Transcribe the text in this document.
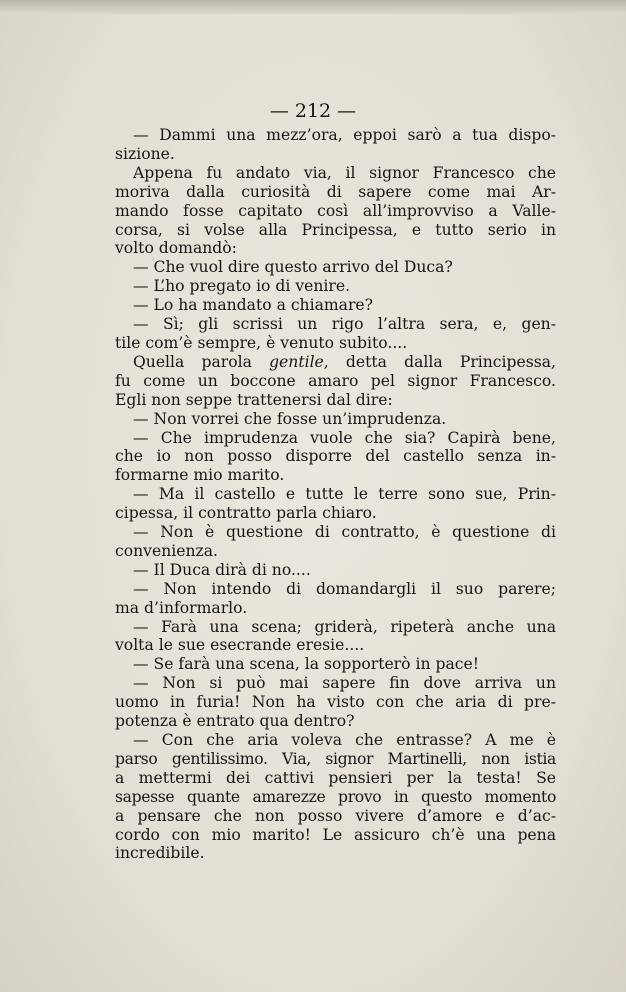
— 212 —
— Dammi una mezz’ora, eppoi sarò a tua dispo-
sizione.
Appena fu andato via, il signor Francesco che
moriva dalla curiosità di sapere come mai Ar-
mando fosse capitato così all’improvviso a Valle-
corsa, si volse alla Principessa, e tutto serio in
volto domandò:
— Che vuol dire questo arrivo del Duca?
— L’ho pregato io di venire.
— Lo ha mandato a chiamare?
— Sì; gli scrissi un rigo l’altra sera, e, gen-
tile com’è sempre, è venuto subito....
Quella parola gentile, detta dalla Principessa,
fu come un boccone amaro pel signor Francesco.
Egli non seppe trattenersi dal dire:
— Non vorrei che fosse un’imprudenza.
— Che imprudenza vuole che sia? Capirà bene,
che io non posso disporre del castello senza in-
formarne mio marito.
— Ma il castello e tutte le terre sono sue, Prin-
cipessa, il contratto parla chiaro.
— Non è questione di contratto, è questione di
convenienza.
— Il Duca dirà di no....
— Non intendo di domandargli il suo parere;
ma d’informarlo.
— Farà una scena; griderà, ripeterà anche una
volta le sue esecrande eresie....
— Se farà una scena, la sopporterò in pace!
— Non si può mai sapere fin dove arriva un
uomo in furia! Non ha visto con che aria di pre-
potenza è entrato qua dentro?
— Con che aria voleva che entrasse? A me è
parso gentilissimo. Via, signor Martinelli, non istia
a mettermi dei cattivi pensieri per la testa! Se
sapesse quante amarezze provo in questo momento
a pensare che non posso vivere d’amore e d’ac-
cordo con mio marito! Le assicuro ch’è una pena
incredibile.
